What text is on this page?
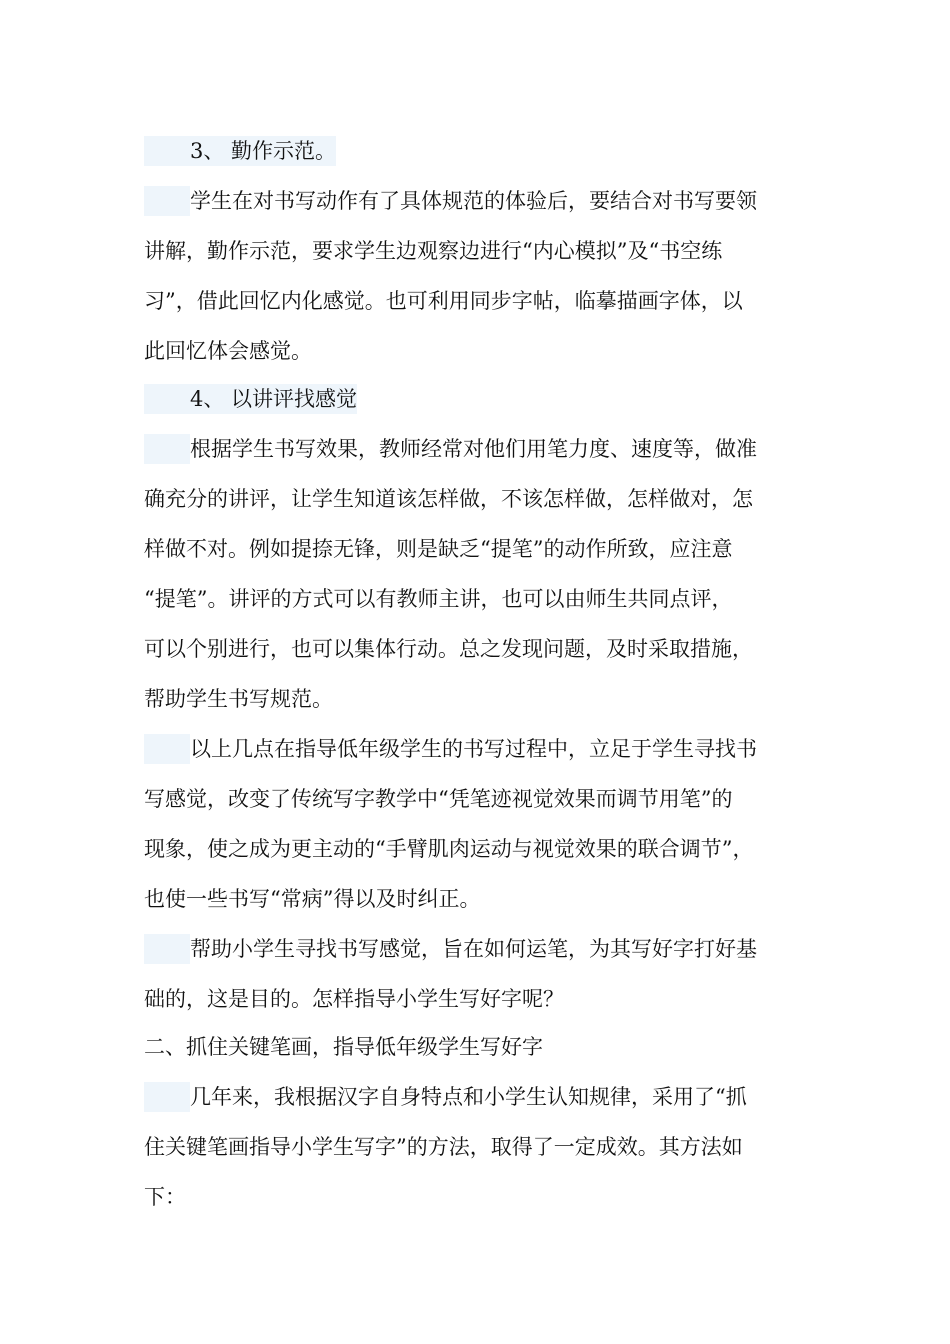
3、 勤作示范。
学生在对书写动作有了具体规范的体验后，要结合对书写要领
讲解，勤作示范，要求学生边观察边进行“内心模拟”及“书空练
习”，借此回忆内化感觉。也可利用同步字帖，临摹描画字体，以
此回忆体会感觉。
4、 以讲评找感觉
根据学生书写效果，教师经常对他们用笔力度、速度等，做准
确充分的讲评，让学生知道该怎样做，不该怎样做，怎样做对，怎
样做不对。例如提捺无锋，则是缺乏“提笔”的动作所致，应注意
“提笔”。讲评的方式可以有教师主讲，也可以由师生共同点评，
可以个别进行，也可以集体行动。总之发现问题，及时采取措施，
帮助学生书写规范。
以上几点在指导低年级学生的书写过程中，立足于学生寻找书
写感觉，改变了传统写字教学中“凭笔迹视觉效果而调节用笔”的
现象，使之成为更主动的“手臂肌肉运动与视觉效果的联合调节”，
也使一些书写“常病”得以及时纠正。
帮助小学生寻找书写感觉，旨在如何运笔，为其写好字打好基
础的，这是目的。怎样指导小学生写好字呢？
二、抓住关键笔画，指导低年级学生写好字
几年来，我根据汉字自身特点和小学生认知规律，采用了“抓
住关键笔画指导小学生写字”的方法，取得了一定成效。其方法如
下：
